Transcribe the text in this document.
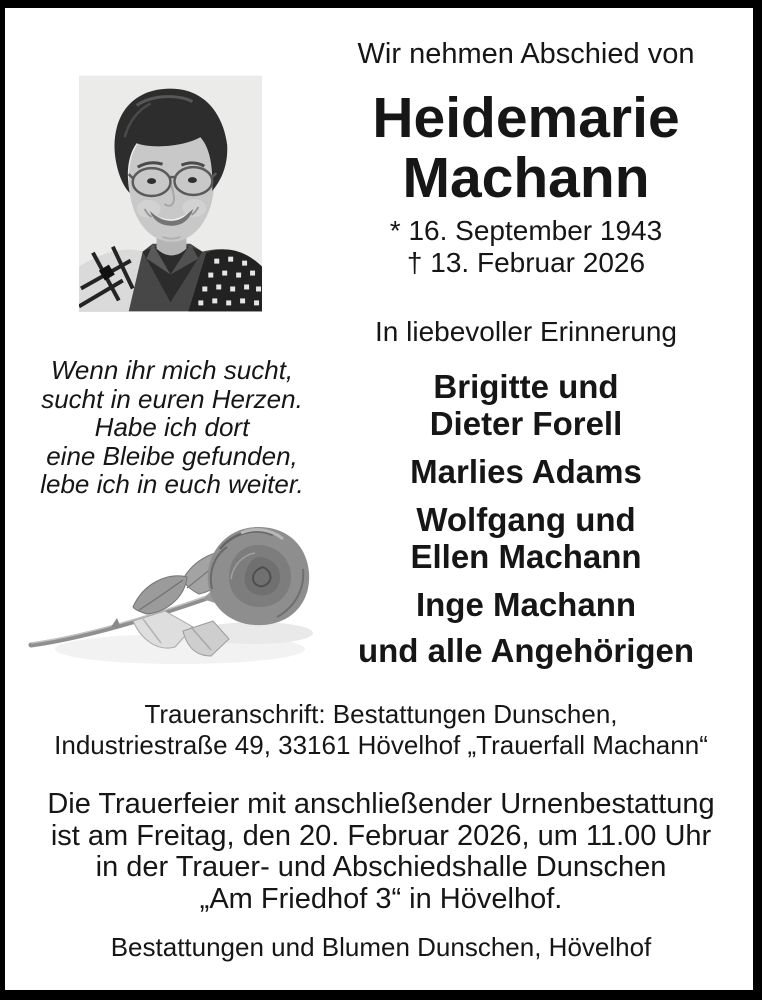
Wir nehmen Abschied von
Heidemarie
Machann
* 16. September 1943
† 13. Februar 2026
In liebevoller Erinnerung
Brigitte und
Dieter Forell
Marlies Adams
Wolfgang und
Ellen Machann
Inge Machann
und alle Angehörigen
Wenn ihr mich sucht,
sucht in euren Herzen.
Habe ich dort
eine Bleibe gefunden,
lebe ich in euch weiter.
Traueranschrift: Bestattungen Dunschen,
Industriestraße 49, 33161 Hövelhof „Trauerfall Machann“
Die Trauerfeier mit anschließender Urnenbestattung
ist am Freitag, den 20. Februar 2026, um 11.00 Uhr
in der Trauer- und Abschiedshalle Dunschen
„Am Friedhof 3“ in Hövelhof.
Bestattungen und Blumen Dunschen, Hövelhof
